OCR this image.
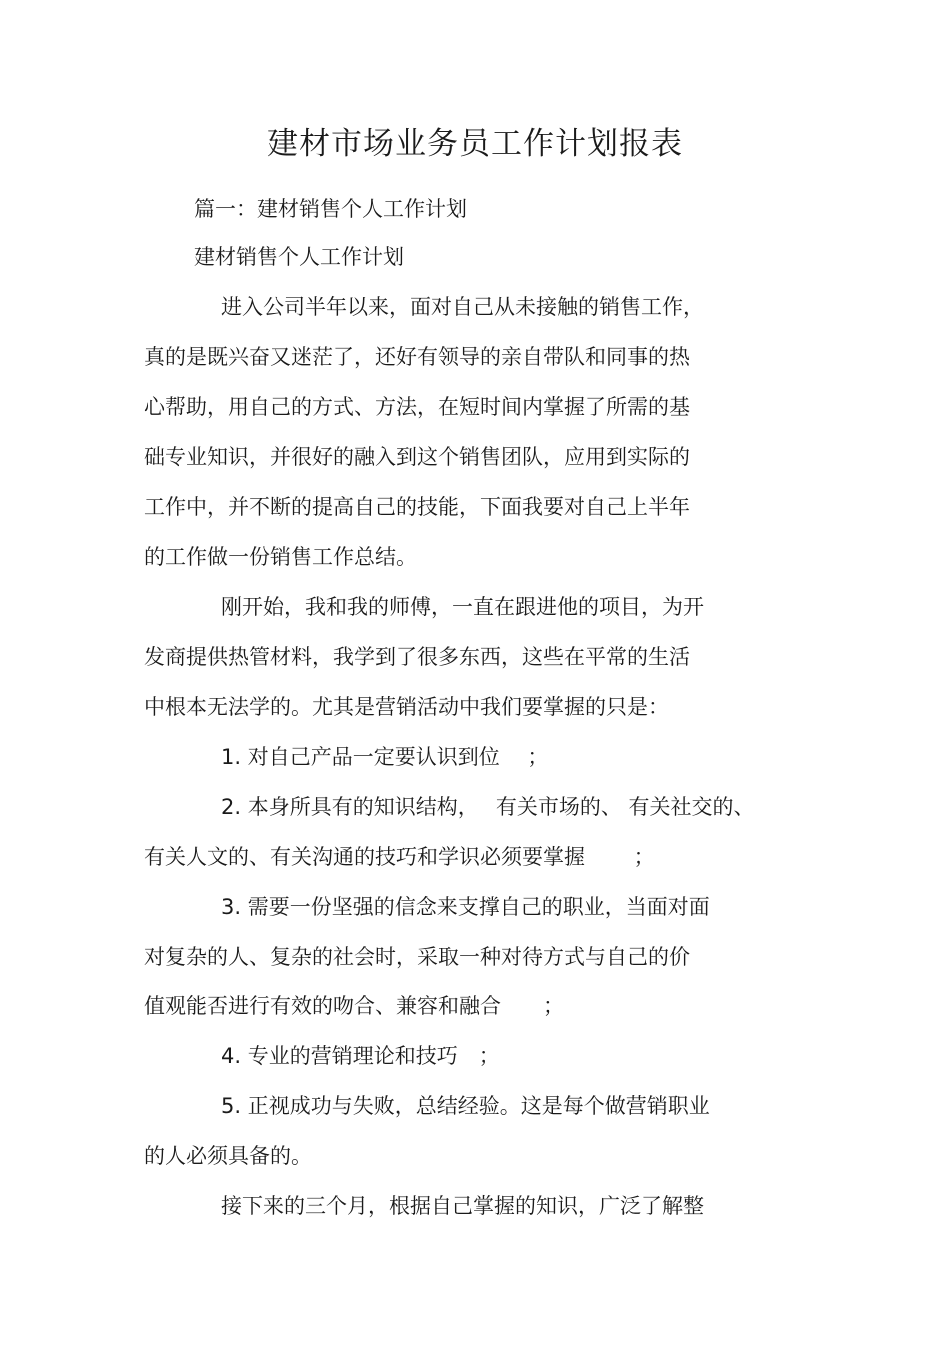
建材市场业务员工作计划报表
篇一：建材销售个人工作计划
建材销售个人工作计划
进入公司半年以来，面对自己从未接触的销售工作，
真的是既兴奋又迷茫了，还好有领导的亲自带队和同事的热
心帮助，用自己的方式、方法，在短时间内掌握了所需的基
础专业知识，并很好的融入到这个销售团队，应用到实际的
工作中，并不断的提高自己的技能，下面我要对自己上半年
的工作做一份销售工作总结。
刚开始，我和我的师傅，一直在跟进他的项目，为开
发商提供热管材料，我学到了很多东西，这些在平常的生活
中根本无法学的。尤其是营销活动中我们要掌握的只是：
1. 对自己产品一定要认识到位　 ；
2. 本身所具有的知识结构，　 有关市场的、 有关社交的、
有关人文的、有关沟通的技巧和学识必须要掌握　　 ；
3. 需要一份坚强的信念来支撑自己的职业，当面对面
对复杂的人、复杂的社会时，采取一种对待方式与自己的价
值观能否进行有效的吻合、兼容和融合　　；
4. 专业的营销理论和技巧　；
5. 正视成功与失败，总结经验。这是每个做营销职业
的人必须具备的。
接下来的三个月，根据自己掌握的知识，广泛了解整
